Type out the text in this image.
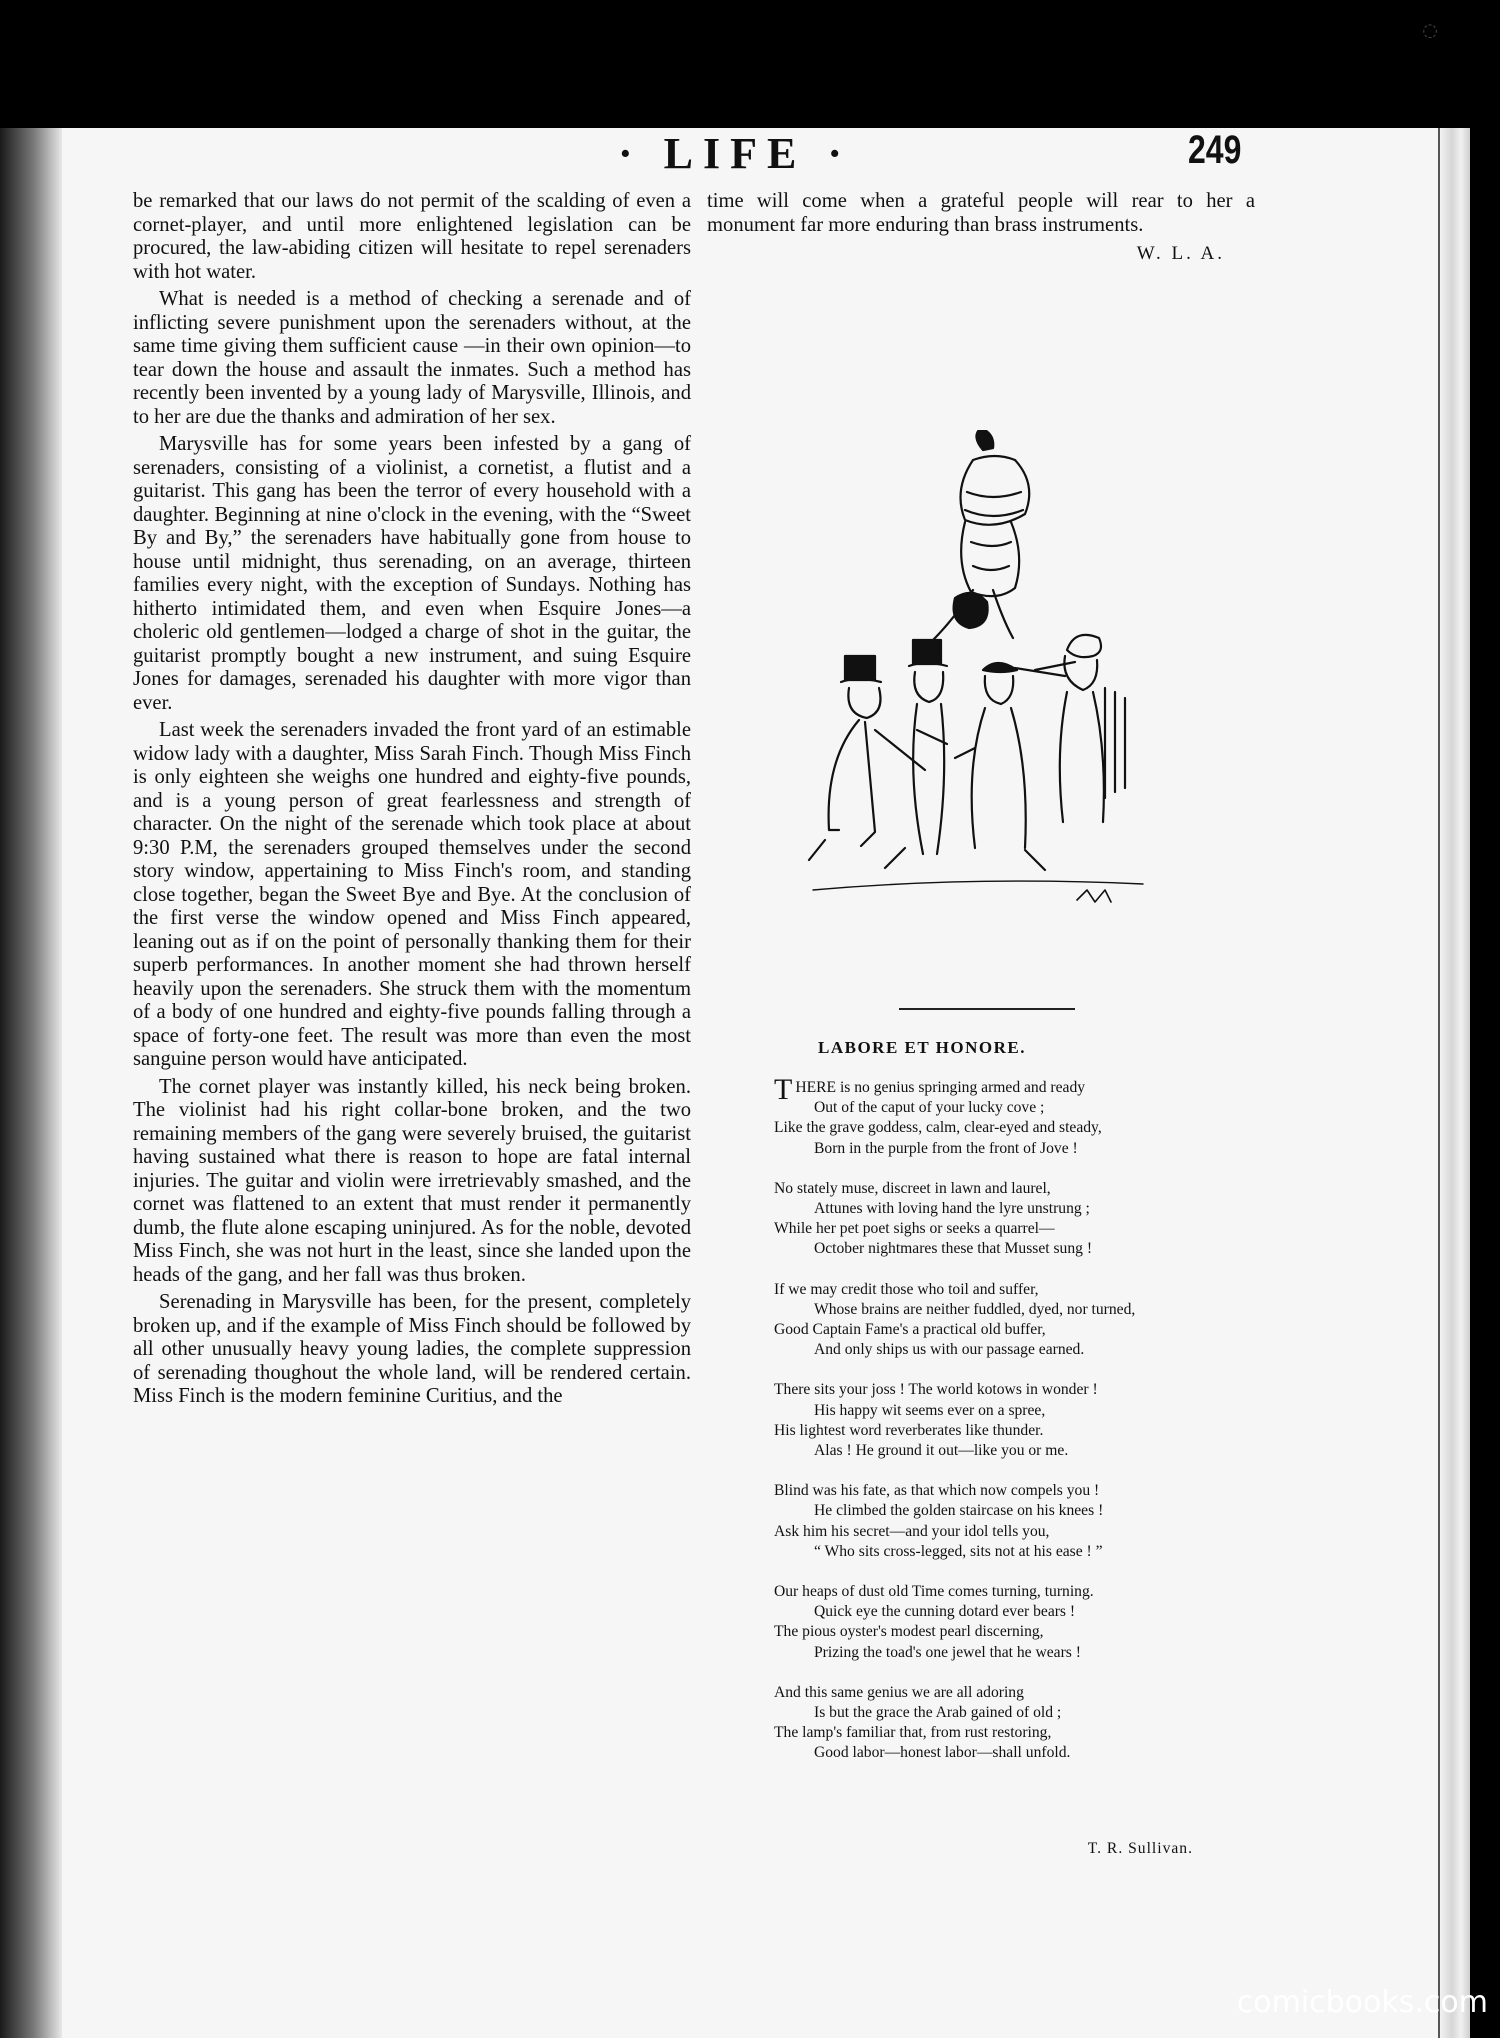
◌
· LIFE ·	249

be remarked that our laws do not permit of the scalding of even a cornet-player, and until more enlightened legislation can be procured, the law-abiding citizen will hesitate to repel serenaders with hot water.

What is needed is a method of checking a serenade and of inflicting severe punishment upon the serenaders without, at the same time giving them sufficient cause —in their own opinion—to tear down the house and assault the inmates. Such a method has recently been invented by a young lady of Marysville, Illinois, and to her are due the thanks and admiration of her sex.

Marysville has for some years been infested by a gang of serenaders, consisting of a violinist, a cornetist, a flutist and a guitarist. This gang has been the terror of every household with a daughter. Beginning at nine o'clock in the evening, with the “Sweet By and By,” the serenaders have habitually gone from house to house until midnight, thus serenading, on an average, thirteen families every night, with the exception of Sundays. Nothing has hitherto intimidated them, and even when Esquire Jones—a choleric old gentlemen—lodged a charge of shot in the guitar, the guitarist promptly bought a new instrument, and suing Esquire Jones for damages, serenaded his daughter with more vigor than ever.

Last week the serenaders invaded the front yard of an estimable widow lady with a daughter, Miss Sarah Finch. Though Miss Finch is only eighteen she weighs one hundred and eighty-five pounds, and is a young person of great fearlessness and strength of character. On the night of the serenade which took place at about 9:30 P.M, the serenaders grouped themselves under the second story window, appertaining to Miss Finch's room, and standing close together, began the Sweet Bye and Bye. At the conclusion of the first verse the window opened and Miss Finch appeared, leaning out as if on the point of personally thanking them for their superb performances. In another moment she had thrown herself heavily upon the serenaders. She struck them with the momentum of a body of one hundred and eighty-five pounds falling through a space of forty-one feet. The result was more than even the most sanguine person would have anticipated.

The cornet player was instantly killed, his neck being broken. The violinist had his right collar-bone broken, and the two remaining members of the gang were severely bruised, the guitarist having sustained what there is reason to hope are fatal internal injuries. The guitar and violin were irretrievably smashed, and the cornet was flattened to an extent that must render it permanently dumb, the flute alone escaping uninjured. As for the noble, devoted Miss Finch, she was not hurt in the least, since she landed upon the heads of the gang, and her fall was thus broken.

Serenading in Marysville has been, for the present, completely broken up, and if the example of Miss Finch should be followed by all other unusually heavy young ladies, the complete suppression of serenading thoughout the whole land, will be rendered certain. Miss Finch is the modern feminine Curitius, and the

time will come when a grateful people will rear to her a monument far more enduring than brass instruments.

W. L. A.
LABORE ET HONORE.
THERE is no genius springing armed and ready
Out of the caput of your lucky cove ;
Like the grave goddess, calm, clear-eyed and steady,
Born in the purple from the front of Jove !
No stately muse, discreet in lawn and laurel,
Attunes with loving hand the lyre unstrung ;
While her pet poet sighs or seeks a quarrel—
October nightmares these that Musset sung !
If we may credit those who toil and suffer,
Whose brains are neither fuddled, dyed, nor turned,
Good Captain Fame's a practical old buffer,
And only ships us with our passage earned.
There sits your joss ! The world kotows in wonder !
His happy wit seems ever on a spree,
His lightest word reverberates like thunder.
Alas ! He ground it out—like you or me.
Blind was his fate, as that which now compels you !
He climbed the golden staircase on his knees !
Ask him his secret—and your idol tells you,
“ Who sits cross-legged, sits not at his ease ! ”
Our heaps of dust old Time comes turning, turning.
Quick eye the cunning dotard ever bears !
The pious oyster's modest pearl discerning,
Prizing the toad's one jewel that he wears !
And this same genius we are all adoring
Is but the grace the Arab gained of old ;
The lamp's familiar that, from rust restoring,
Good labor—honest labor—shall unfold.
T. R. Sullivan.
comicbooks.com
